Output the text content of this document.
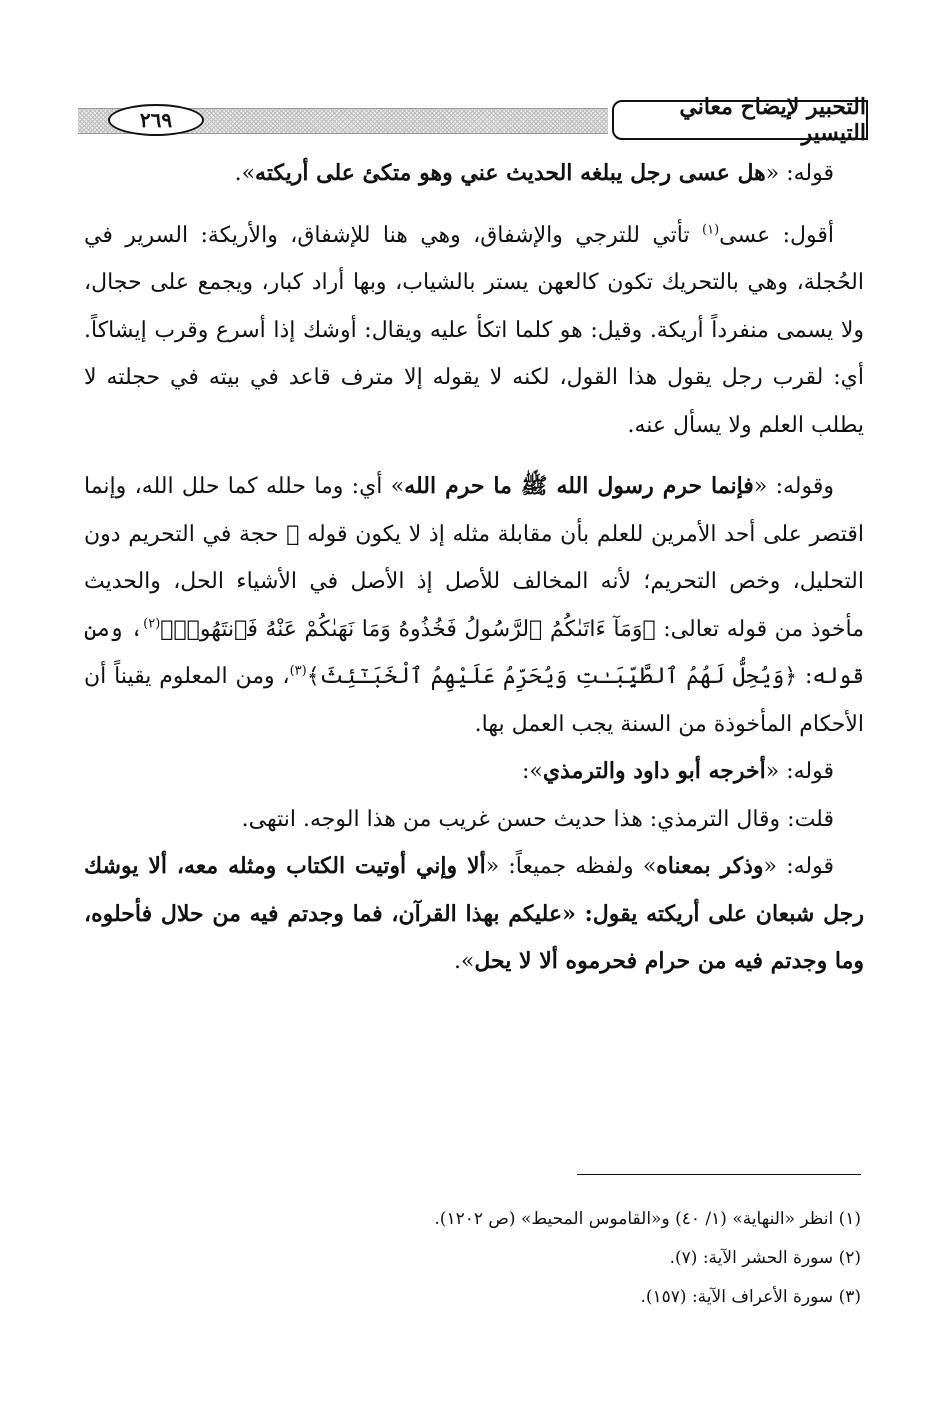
التحبير لإيضاح معاني التيسير
٢٦٩

قوله: «هل عسى رجل يبلغه الحديث عني وهو متكئ على أريكته».

أقول: عسى$^{(١)}$ تأتي للترجي والإشفاق، وهي هنا للإشفاق، والأريكة: السرير في الحُجلة، وهي بالتحريك تكون كالعهن يستر بالشياب، وبها أراد كبار، ويجمع على حجال، ولا يسمى منفرداً أريكة. وقيل: هو كلما اتكأ عليه ويقال: أوشك إذا أسرع وقرب إيشاكاً. أي: لقرب رجل يقول هذا القول، لكنه لا يقوله إلا مترف قاعد في بيته في حجلته لا يطلب العلم ولا يسأل عنه.

وقوله: «فإنما حرم رسول الله ﷺ ما حرم الله» أي: وما حلله كما حلل الله، وإنما اقتصر على أحد الأمرين للعلم بأن مقابلة مثله إذ لا يكون قوله ﷺ حجة في التحريم دون التحليل، وخص التحريم؛ لأنه المخالف للأصل إذ الأصل في الأشياء الحل، والحديث مأخوذ من قوله تعالى: ﴿وَمَآ ءَاتَىٰكُمُ ٱلرَّسُولُ فَخُذُوهُ وَمَا نَهَىٰكُمْ عَنْهُ فَٱنتَهُوا۟﴾$^{(٢)}$، ومن قوله: ﴿وَيُحِلُّ لَهُمُ ٱلطَّيِّبَـٰتِ وَيُحَرِّمُ عَلَيْهِمُ ٱلْخَبَـٰٓئِثَ﴾$^{(٣)}$، ومن المعلوم يقيناً أن الأحكام المأخوذة من السنة يجب العمل بها.

قوله: «أخرجه أبو داود والترمذي»:

قلت: وقال الترمذي: هذا حديث حسن غريب من هذا الوجه. انتهى.

قوله: «وذكر بمعناه» ولفظه جميعاً: «ألا وإني أوتيت الكتاب ومثله معه، ألا يوشك رجل شبعان على أريكته يقول: «عليكم بهذا القرآن، فما وجدتم فيه من حلال فأحلوه، وما وجدتم فيه من حرام فحرموه ألا لا يحل».

(١) انظر «النهاية» (١/ ٤٠) و«القاموس المحيط» (ص ١٢٠٢).
(٢) سورة الحشر الآية: (٧).
(٣) سورة الأعراف الآية: (١٥٧).
